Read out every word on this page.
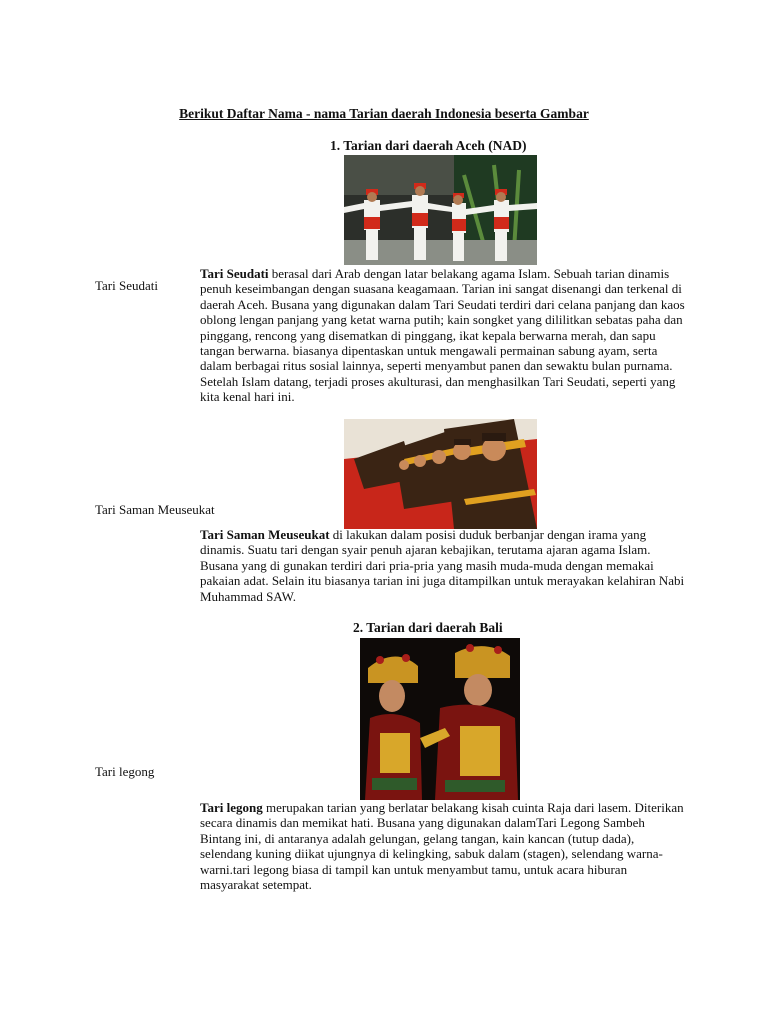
Berikut Daftar Nama - nama Tarian daerah Indonesia beserta Gambar
1. Tarian dari daerah Aceh (NAD)
Tari Seudati
Tari Seudati berasal dari Arab dengan latar belakang agama Islam. Sebuah tarian dinamis penuh keseimbangan dengan suasana keagamaan. Tarian ini sangat disenangi dan terkenal di daerah Aceh. Busana yang digunakan dalam Tari Seudati terdiri dari celana panjang dan kaos oblong lengan panjang yang ketat warna putih; kain songket yang dililitkan sebatas paha dan pinggang, rencong yang disematkan di pinggang, ikat kepala berwarna merah, dan sapu tangan berwarna. biasanya dipentaskan untuk mengawali permainan sabung ayam, serta dalam berbagai ritus sosial lainnya, seperti menyambut panen dan sewaktu bulan purnama. Setelah Islam datang, terjadi proses akulturasi, dan menghasilkan Tari Seudati, seperti yang kita kenal hari ini.
Tari Saman Meuseukat
Tari Saman Meuseukat di lakukan dalam posisi duduk berbanjar dengan irama yang dinamis. Suatu tari dengan syair penuh ajaran kebajikan, terutama ajaran agama Islam. Busana yang di gunakan terdiri dari pria-pria yang masih muda-muda dengan memakai pakaian adat. Selain itu biasanya tarian ini juga ditampilkan untuk merayakan kelahiran Nabi Muhammad SAW.
2. Tarian dari daerah Bali
Tari legong
Tari legong merupakan tarian yang berlatar belakang kisah cuinta Raja dari lasem. Diterikan secara dinamis dan memikat hati. Busana yang digunakan dalamTari Legong Sambeh Bintang ini, di antaranya adalah gelungan, gelang tangan, kain kancan (tutup dada), selendang kuning diikat ujungnya di kelingking, sabuk dalam (stagen), selendang warna-warni.tari legong biasa di tampil kan untuk menyambut tamu, untuk acara hiburan masyarakat setempat.
